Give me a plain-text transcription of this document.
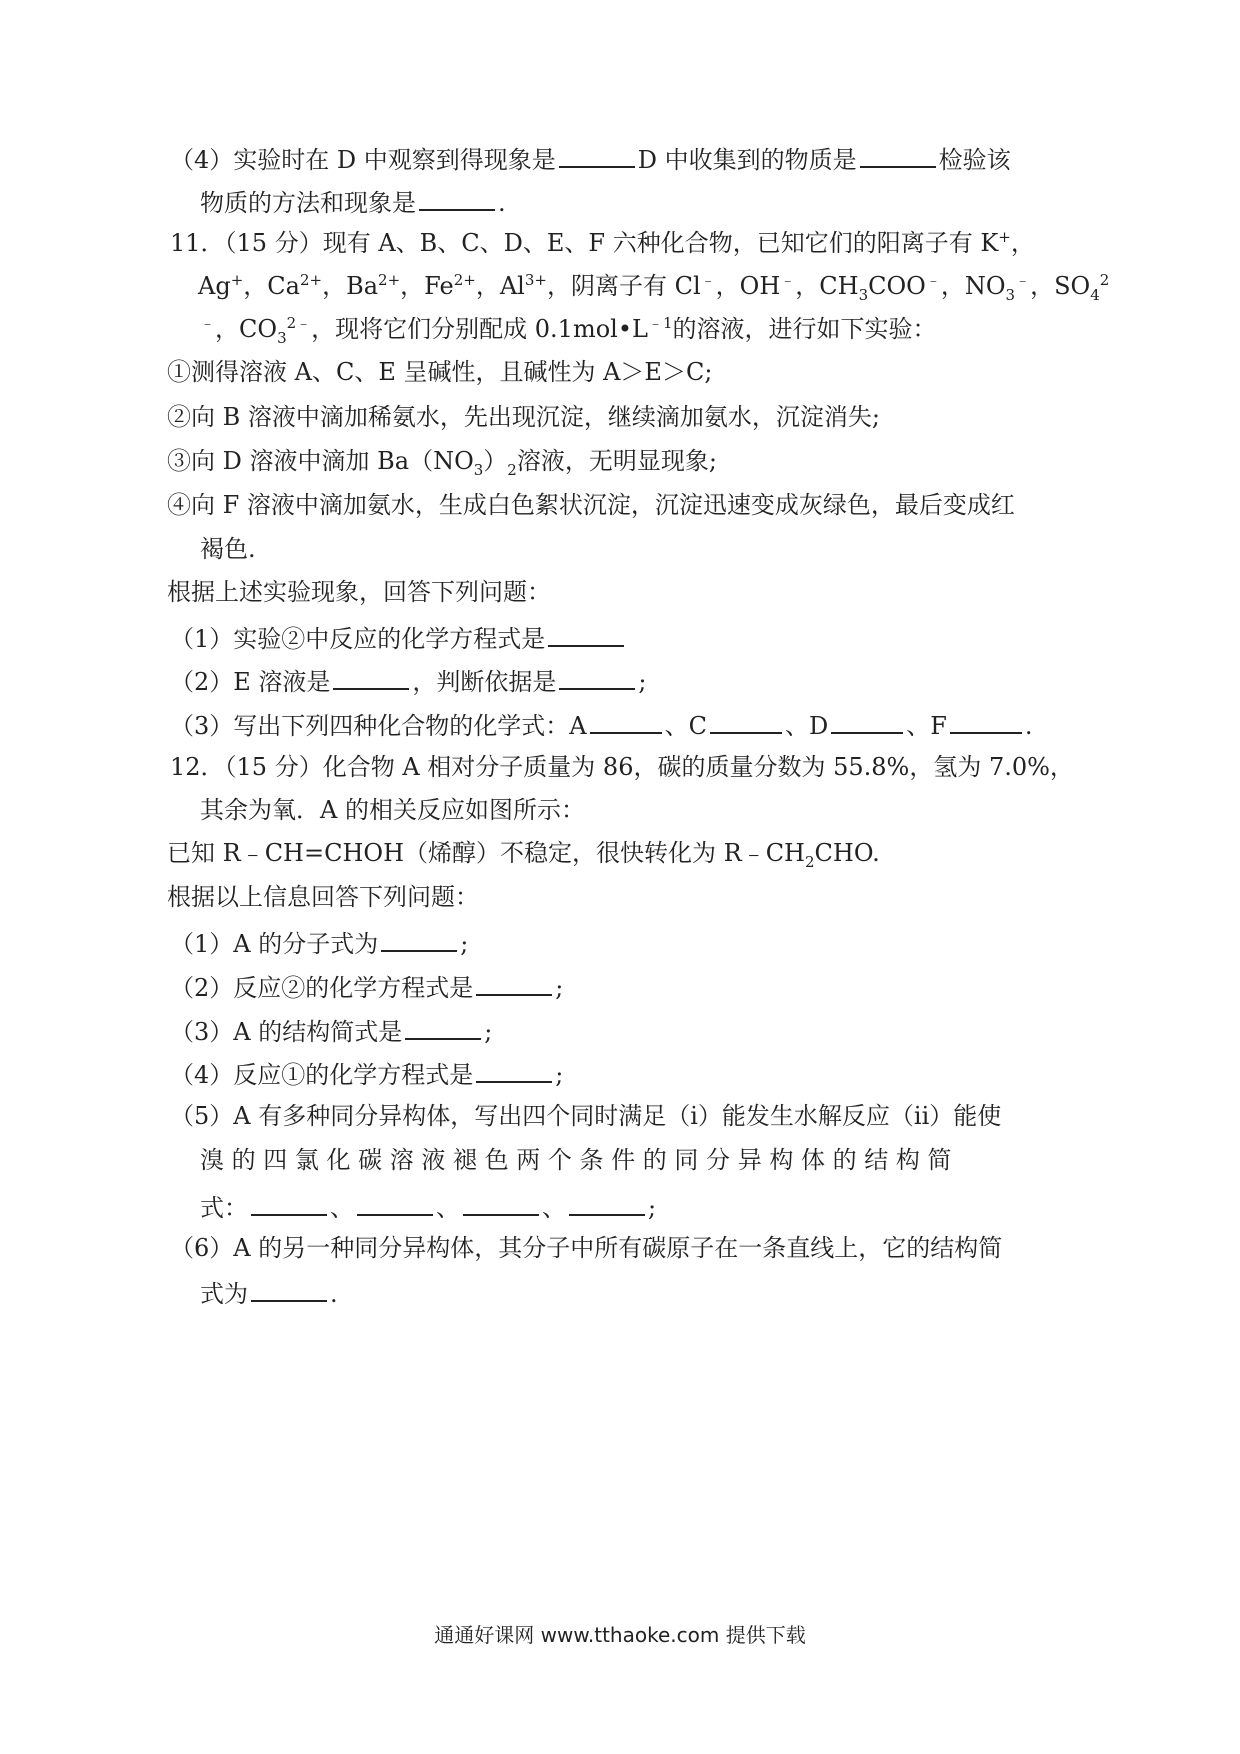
（4）实验时在 D 中观察到得现象是	D 中收集到的物质是	检验该
物质的方法和现象是	.
11．（15 分）现有 A、B、C、D、E、F 六种化合物，已知它们的阳离子有 K+，
Ag+，$Ca^{2+}$，$Ba^{2+}$，$Fe^{2+}$，$Al^{3+}$，阴离子有 Cl﹣，OH﹣，$CH_3COO^﹣$，$NO_3^﹣$，$SO_4^2$
﹣，$CO_3^{2﹣}$，现将它们分别配成 $0.1mol•L^{﹣1}$的溶液，进行如下实验：
①测得溶液 A、C、E 呈碱性，且碱性为 A＞E＞C;
②向 B 溶液中滴加稀氨水，先出现沉淀，继续滴加氨水，沉淀消失;
③向 D 溶液中滴加 $Ba(NO_3)_2$溶液，无明显现象;
④向 F 溶液中滴加氨水，生成白色絮状沉淀，沉淀迅速变成灰绿色，最后变成红
褐色.
根据上述实验现象，回答下列问题：
（1）实验②中反应的化学方程式是
（2）E 溶液是	，判断依据是	;
（3）写出下列四种化合物的化学式：A	、C	、D	、F	.
12．（15 分）化合物 A 相对分子质量为 86，碳的质量分数为 55.8%，氢为 7.0%，
其余为氧．A 的相关反应如图所示：
已知 R﹣CH=CHOH（烯醇）不稳定，很快转化为 $R﹣CH_2CHO$.
根据以上信息回答下列问题：
（1）A 的分子式为	;
（2）反应②的化学方程式是	;
（3）A 的结构简式是	;
（4）反应①的化学方程式是	;
（5）A 有多种同分异构体，写出四个同时满足（i）能发生水解反应（ii）能使
溴 的 四 氯 化 碳 溶 液 褪 色 两 个 条 件 的 同 分 异 构 体 的 结 构 简
式：	、	、	、	;
（6）A 的另一种同分异构体，其分子中所有碳原子在一条直线上，它的结构简
式为	.
通通好课网 www.tthaoke.com 提供下载
